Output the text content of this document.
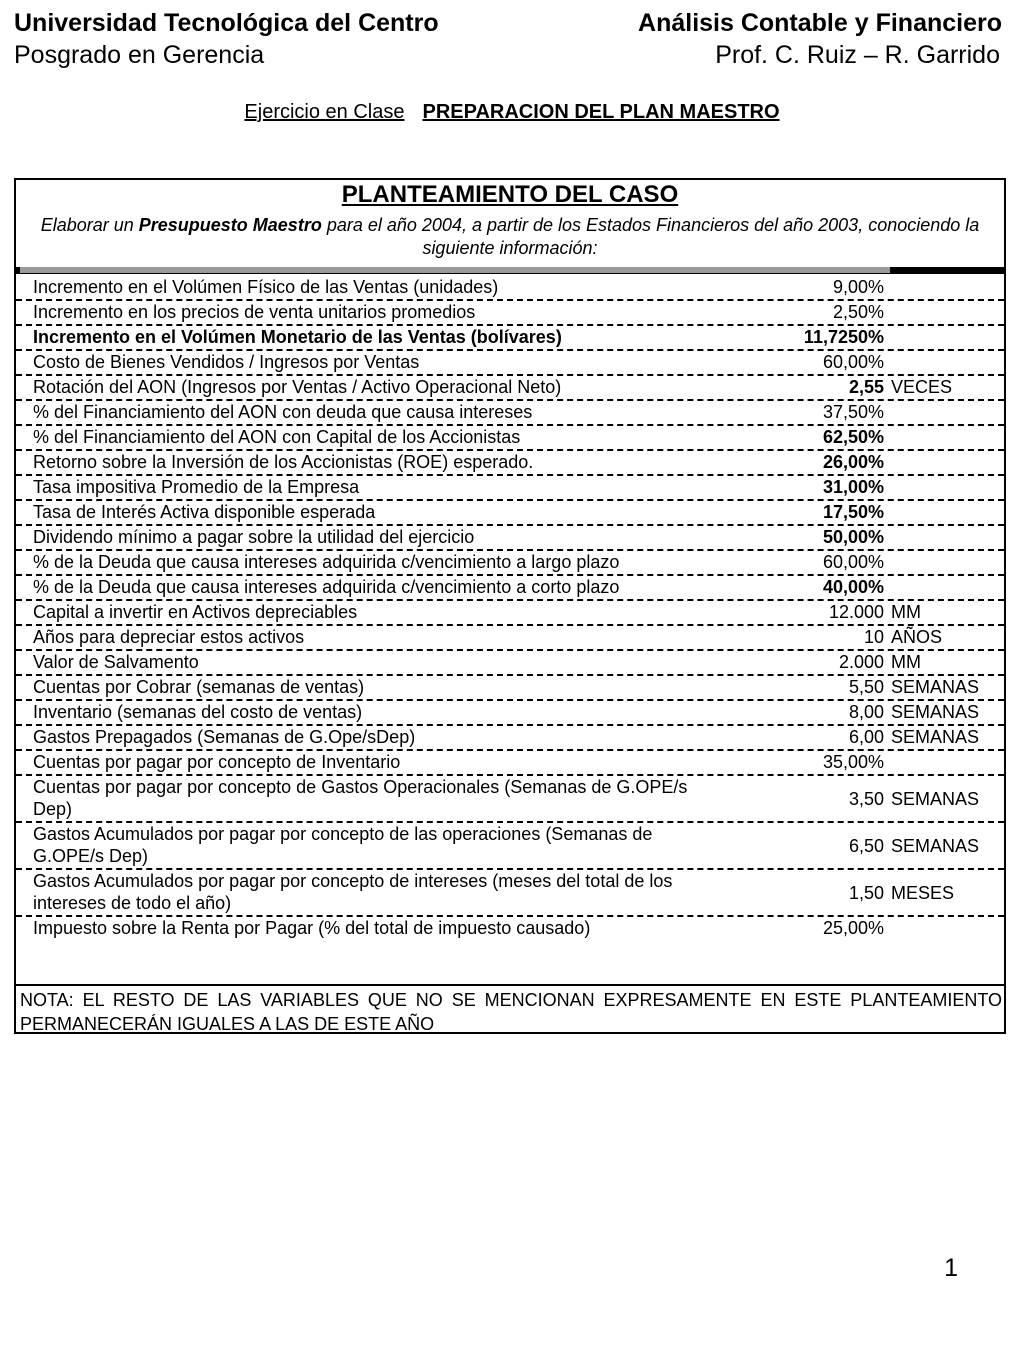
Universidad Tecnológica del Centro
Posgrado en Gerencia
Análisis Contable y Financiero
Prof. C. Ruiz – R. Garrido
Ejercicio en Clase PREPARACION DEL PLAN MAESTRO
PLANTEAMIENTO DEL CASO
Elaborar un Presupuesto Maestro para el año 2004, a partir de los Estados Financieros del año 2003, conociendo la siguiente información:
Incremento en el Volúmen Físico de las Ventas (unidades)	9,00%
Incremento en los precios de venta unitarios promedios	2,50%
Incremento en el Volúmen Monetario de las Ventas (bolívares)	11,7250%
Costo de Bienes Vendidos / Ingresos por Ventas	60,00%
Rotación del AON (Ingresos por Ventas / Activo Operacional Neto)	2,55 VECES
% del Financiamiento del AON con deuda que causa intereses	37,50%
% del Financiamiento del AON con Capital de los Accionistas	62,50%
Retorno sobre la Inversión de los Accionistas (ROE) esperado.	26,00%
Tasa impositiva Promedio de la Empresa	31,00%
Tasa de Interés Activa disponible esperada	17,50%
Dividendo mínimo a pagar sobre la utilidad del ejercicio	50,00%
% de la Deuda que causa intereses adquirida c/vencimiento a largo plazo	60,00%
% de la Deuda que causa intereses adquirida c/vencimiento a corto plazo	40,00%
Capital a invertir en Activos depreciables	12.000 MM
Años para depreciar estos activos	10 AÑOS
Valor de Salvamento	2.000 MM
Cuentas por Cobrar (semanas de ventas)	5,50 SEMANAS
Inventario (semanas del costo de ventas)	8,00 SEMANAS
Gastos Prepagados (Semanas de G.Ope/sDep)	6,00 SEMANAS
Cuentas por pagar por concepto de Inventario	35,00%
Cuentas por pagar por concepto de Gastos Operacionales (Semanas de G.OPE/s Dep)	3,50 SEMANAS
Gastos Acumulados por pagar por concepto de las operaciones (Semanas de G.OPE/s Dep)	6,50 SEMANAS
Gastos Acumulados por pagar por concepto de intereses (meses del total de los intereses de todo el año)	1,50 MESES
Impuesto sobre la Renta por Pagar (% del total de impuesto causado)	25,00%
NOTA: EL RESTO DE LAS VARIABLES QUE NO SE MENCIONAN EXPRESAMENTE EN ESTE PLANTEAMIENTO PERMANECERÁN IGUALES A LAS DE ESTE AÑO
1
